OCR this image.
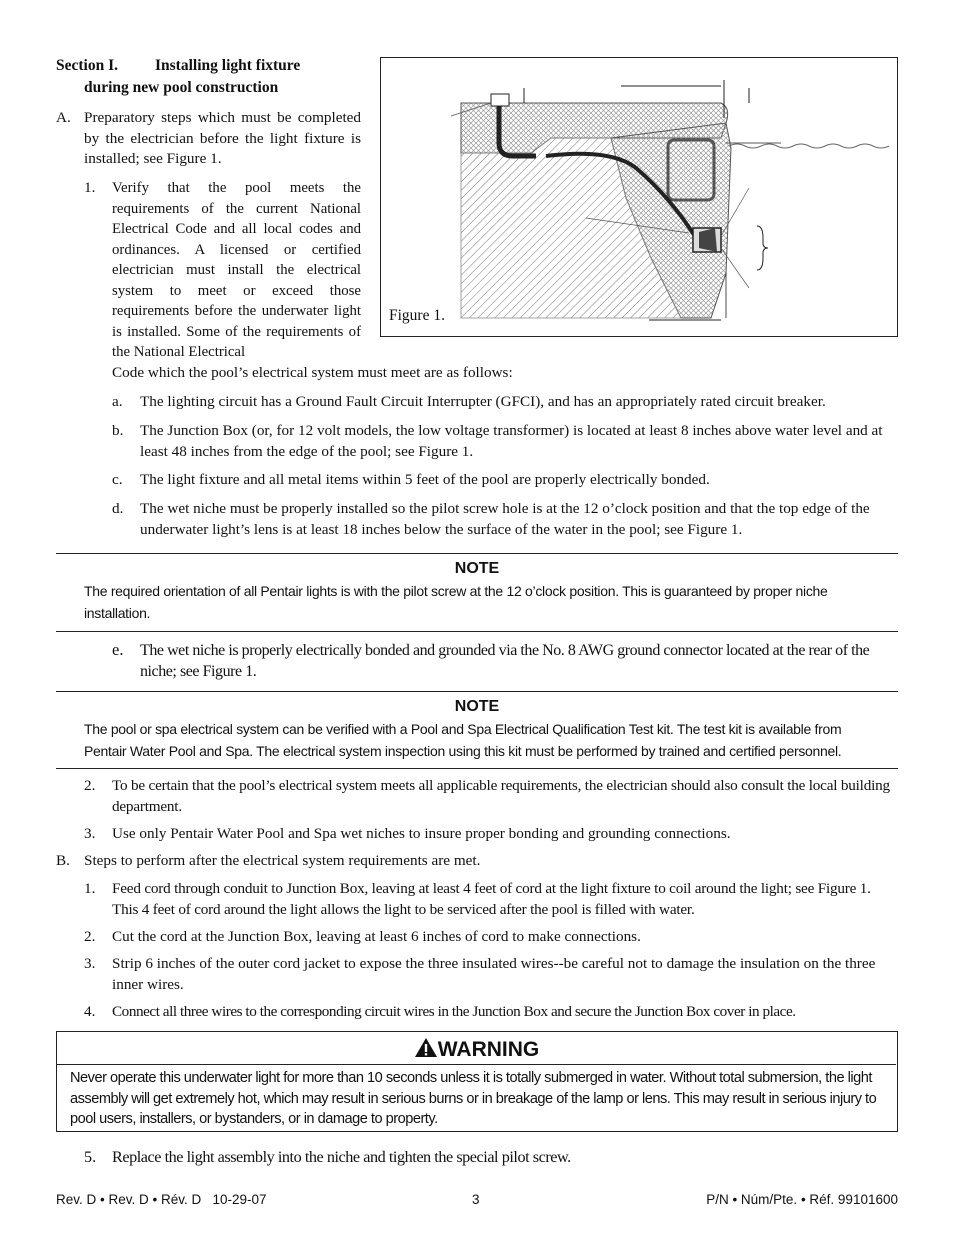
Section I. Installing light fixture
during new pool construction
A. Preparatory steps which must be completed by the electrician before the light fixture is installed; see Figure 1.

1. Verify that the pool meets the requirements of the current National Electrical Code and all local codes and ordinances. A licensed or certified electrician must install the electrical system to meet or exceed those requirements before the underwater light is installed. Some of the requirements of the National Electrical

Code which the pool’s electrical system must meet are as follows:

Figure 1.
a. The lighting circuit has a Ground Fault Circuit Interrupter (GFCI), and has an appropriately rated circuit breaker.

b. The Junction Box (or, for 12 volt models, the low voltage transformer) is located at least 8 inches above water level and at least 48 inches from the edge of the pool; see Figure 1.

c. The light fixture and all metal items within 5 feet of the pool are properly electrically bonded.

d. The wet niche must be properly installed so the pilot screw hole is at the 12 o’clock position and that the top edge of the underwater light’s lens is at least 18 inches below the surface of the water in the pool; see Figure 1.

NOTE
The required orientation of all Pentair lights is with the pilot screw at the 12 o’clock position. This is guaranteed by proper niche installation.
e. The wet niche is properly electrically bonded and grounded via the No. 8 AWG ground connector located at the rear of the niche; see Figure 1.

NOTE
The pool or spa electrical system can be verified with a Pool and Spa Electrical Qualification Test kit. The test kit is available from Pentair Water Pool and Spa. The electrical system inspection using this kit must be performed by trained and certified personnel.
2. To be certain that the pool’s electrical system meets all applicable requirements, the electrician should also consult the local building department.

3. Use only Pentair Water Pool and Spa wet niches to insure proper bonding and grounding connections.

B. Steps to perform after the electrical system requirements are met.

1. Feed cord through conduit to Junction Box, leaving at least 4 feet of cord at the light fixture to coil around the light; see Figure 1. This 4 feet of cord around the light allows the light to be serviced after the pool is filled with water.

2. Cut the cord at the Junction Box, leaving at least 6 inches of cord to make connections.

3. Strip 6 inches of the outer cord jacket to expose the three insulated wires--be careful not to damage the insulation on the three inner wires.

4. Connect all three wires to the corresponding circuit wires in the Junction Box and secure the Junction Box cover in place.

WARNING
Never operate this underwater light for more than 10 seconds unless it is totally submerged in water. Without total submersion, the light assembly will get extremely hot, which may result in serious burns or in breakage of the lamp or lens. This may result in serious injury to pool users, installers, or bystanders, or in damage to property.
5. Replace the light assembly into the niche and tighten the special pilot screw.

Rev. D • Rev. D • Rév. D   10-29-07	3	P/N • Núm/Pte. • Réf. 99101600
